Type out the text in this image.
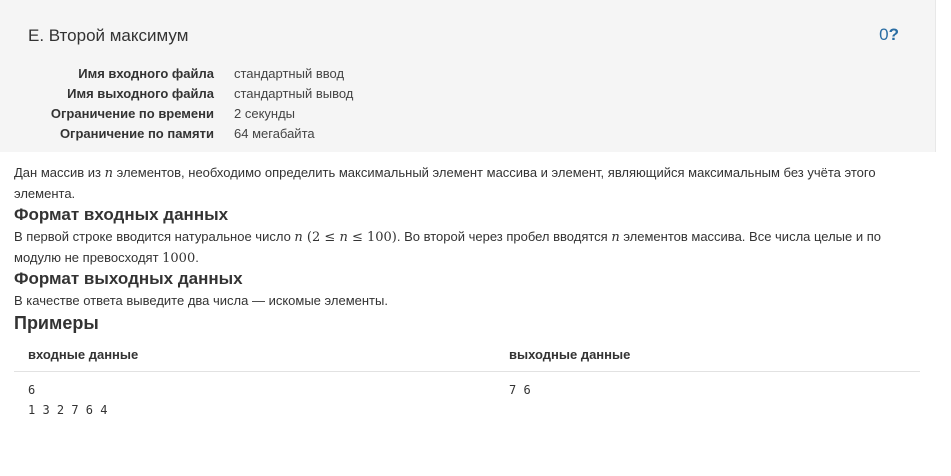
E. Второй максимум	0?
Имя входного файла	стандартный ввод
Имя выходного файла	стандартный вывод
Ограничение по времени	2 секунды
Ограничение по памяти	64 мегабайта

Дан массив из n элементов, необходимо определить максимальный элемент массива и элемент, являющийся максимальным без учёта этого элемента.

Формат входных данных

В первой строке вводится натуральное число n (2 ≤ n ≤ 100). Во второй через пробел вводятся n элементов массива. Все числа целые и по модулю не превосходят 1000.

Формат выходных данных

В качестве ответа выведите два числа — искомые элементы.

Примеры
входные данные	выходные данные
6
1 3 2 7 6 4	7 6
